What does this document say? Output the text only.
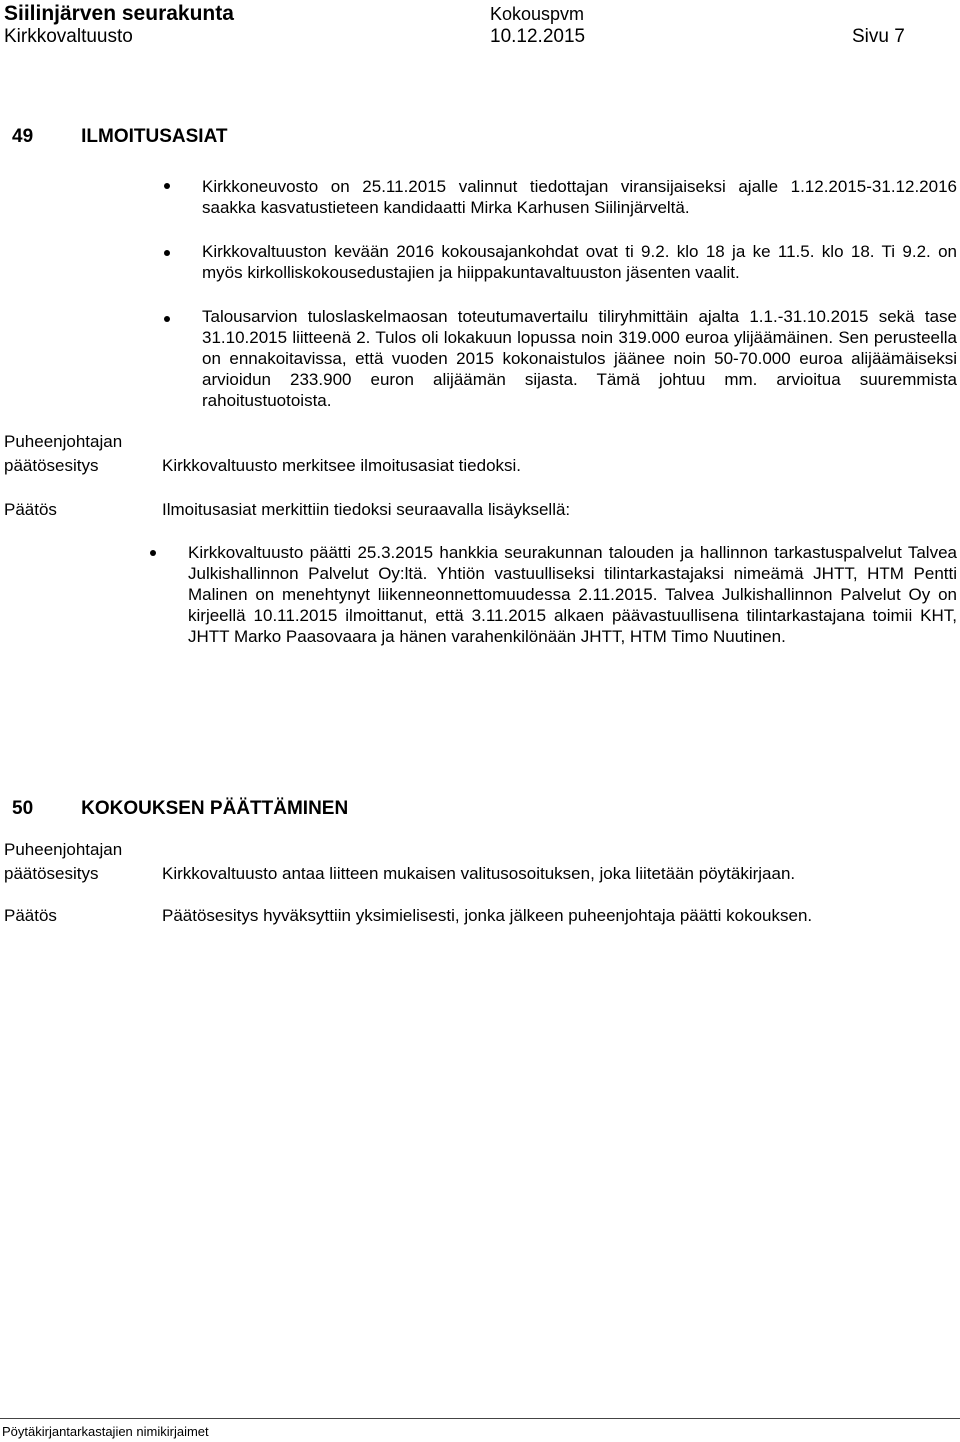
Siilinjärven seurakunta
Kirkkovaltuusto
Kokouspvm
10.12.2015	Sivu 7
49	ILMOITUSASIAT
Kirkkoneuvosto on 25.11.2015 valinnut tiedottajan viransijaiseksi ajalle 1.12.2015-31.12.2016 saakka kasvatustieteen kandidaatti Mirka Karhusen Siilinjärveltä.
Kirkkovaltuuston kevään 2016 kokousajankohdat ovat ti 9.2. klo 18 ja ke 11.5. klo 18. Ti 9.2. on myös kirkolliskokousedustajien ja hiippakuntavaltuuston jäsenten vaalit.
Talousarvion tuloslaskelmaosan toteutumavertailu tiliryhmittäin ajalta 1.1.-31.10.2015 sekä tase 31.10.2015 liitteenä 2. Tulos oli lokakuun lopussa noin 319.000 euroa ylijäämäinen. Sen perusteella on ennakoitavissa, että vuoden 2015 kokonaistulos jäänee noin 50-70.000 euroa alijäämäiseksi arvioidun 233.900 euron alijäämän sijasta. Tämä johtuu mm. arvioitua suuremmista rahoitustuotoista.
Puheenjohtajan
päätösesitys	Kirkkovaltuusto merkitsee ilmoitusasiat tiedoksi.
Päätös	Ilmoitusasiat merkittiin tiedoksi seuraavalla lisäyksellä:
Kirkkovaltuusto päätti 25.3.2015 hankkia seurakunnan talouden ja hallinnon tarkastuspalvelut Talvea Julkishallinnon Palvelut Oy:ltä. Yhtiön vastuulliseksi tilintarkastajaksi nimeämä JHTT, HTM Pentti Malinen on menehtynyt liikenneonnettomuudessa 2.11.2015. Talvea Julkishallinnon Palvelut Oy on kirjeellä 10.11.2015 ilmoittanut, että 3.11.2015 alkaen päävastuullisena tilintarkastajana toimii KHT, JHTT Marko Paasovaara ja hänen varahenkilönään JHTT, HTM Timo Nuutinen.
50	KOKOUKSEN PÄÄTTÄMINEN
Puheenjohtajan
päätösesitys	Kirkkovaltuusto antaa liitteen mukaisen valitusosoituksen, joka liitetään pöytäkirjaan.
Päätös	Päätösesitys hyväksyttiin yksimielisesti, jonka jälkeen puheenjohtaja päätti kokouksen.
Pöytäkirjantarkastajien nimikirjaimet
